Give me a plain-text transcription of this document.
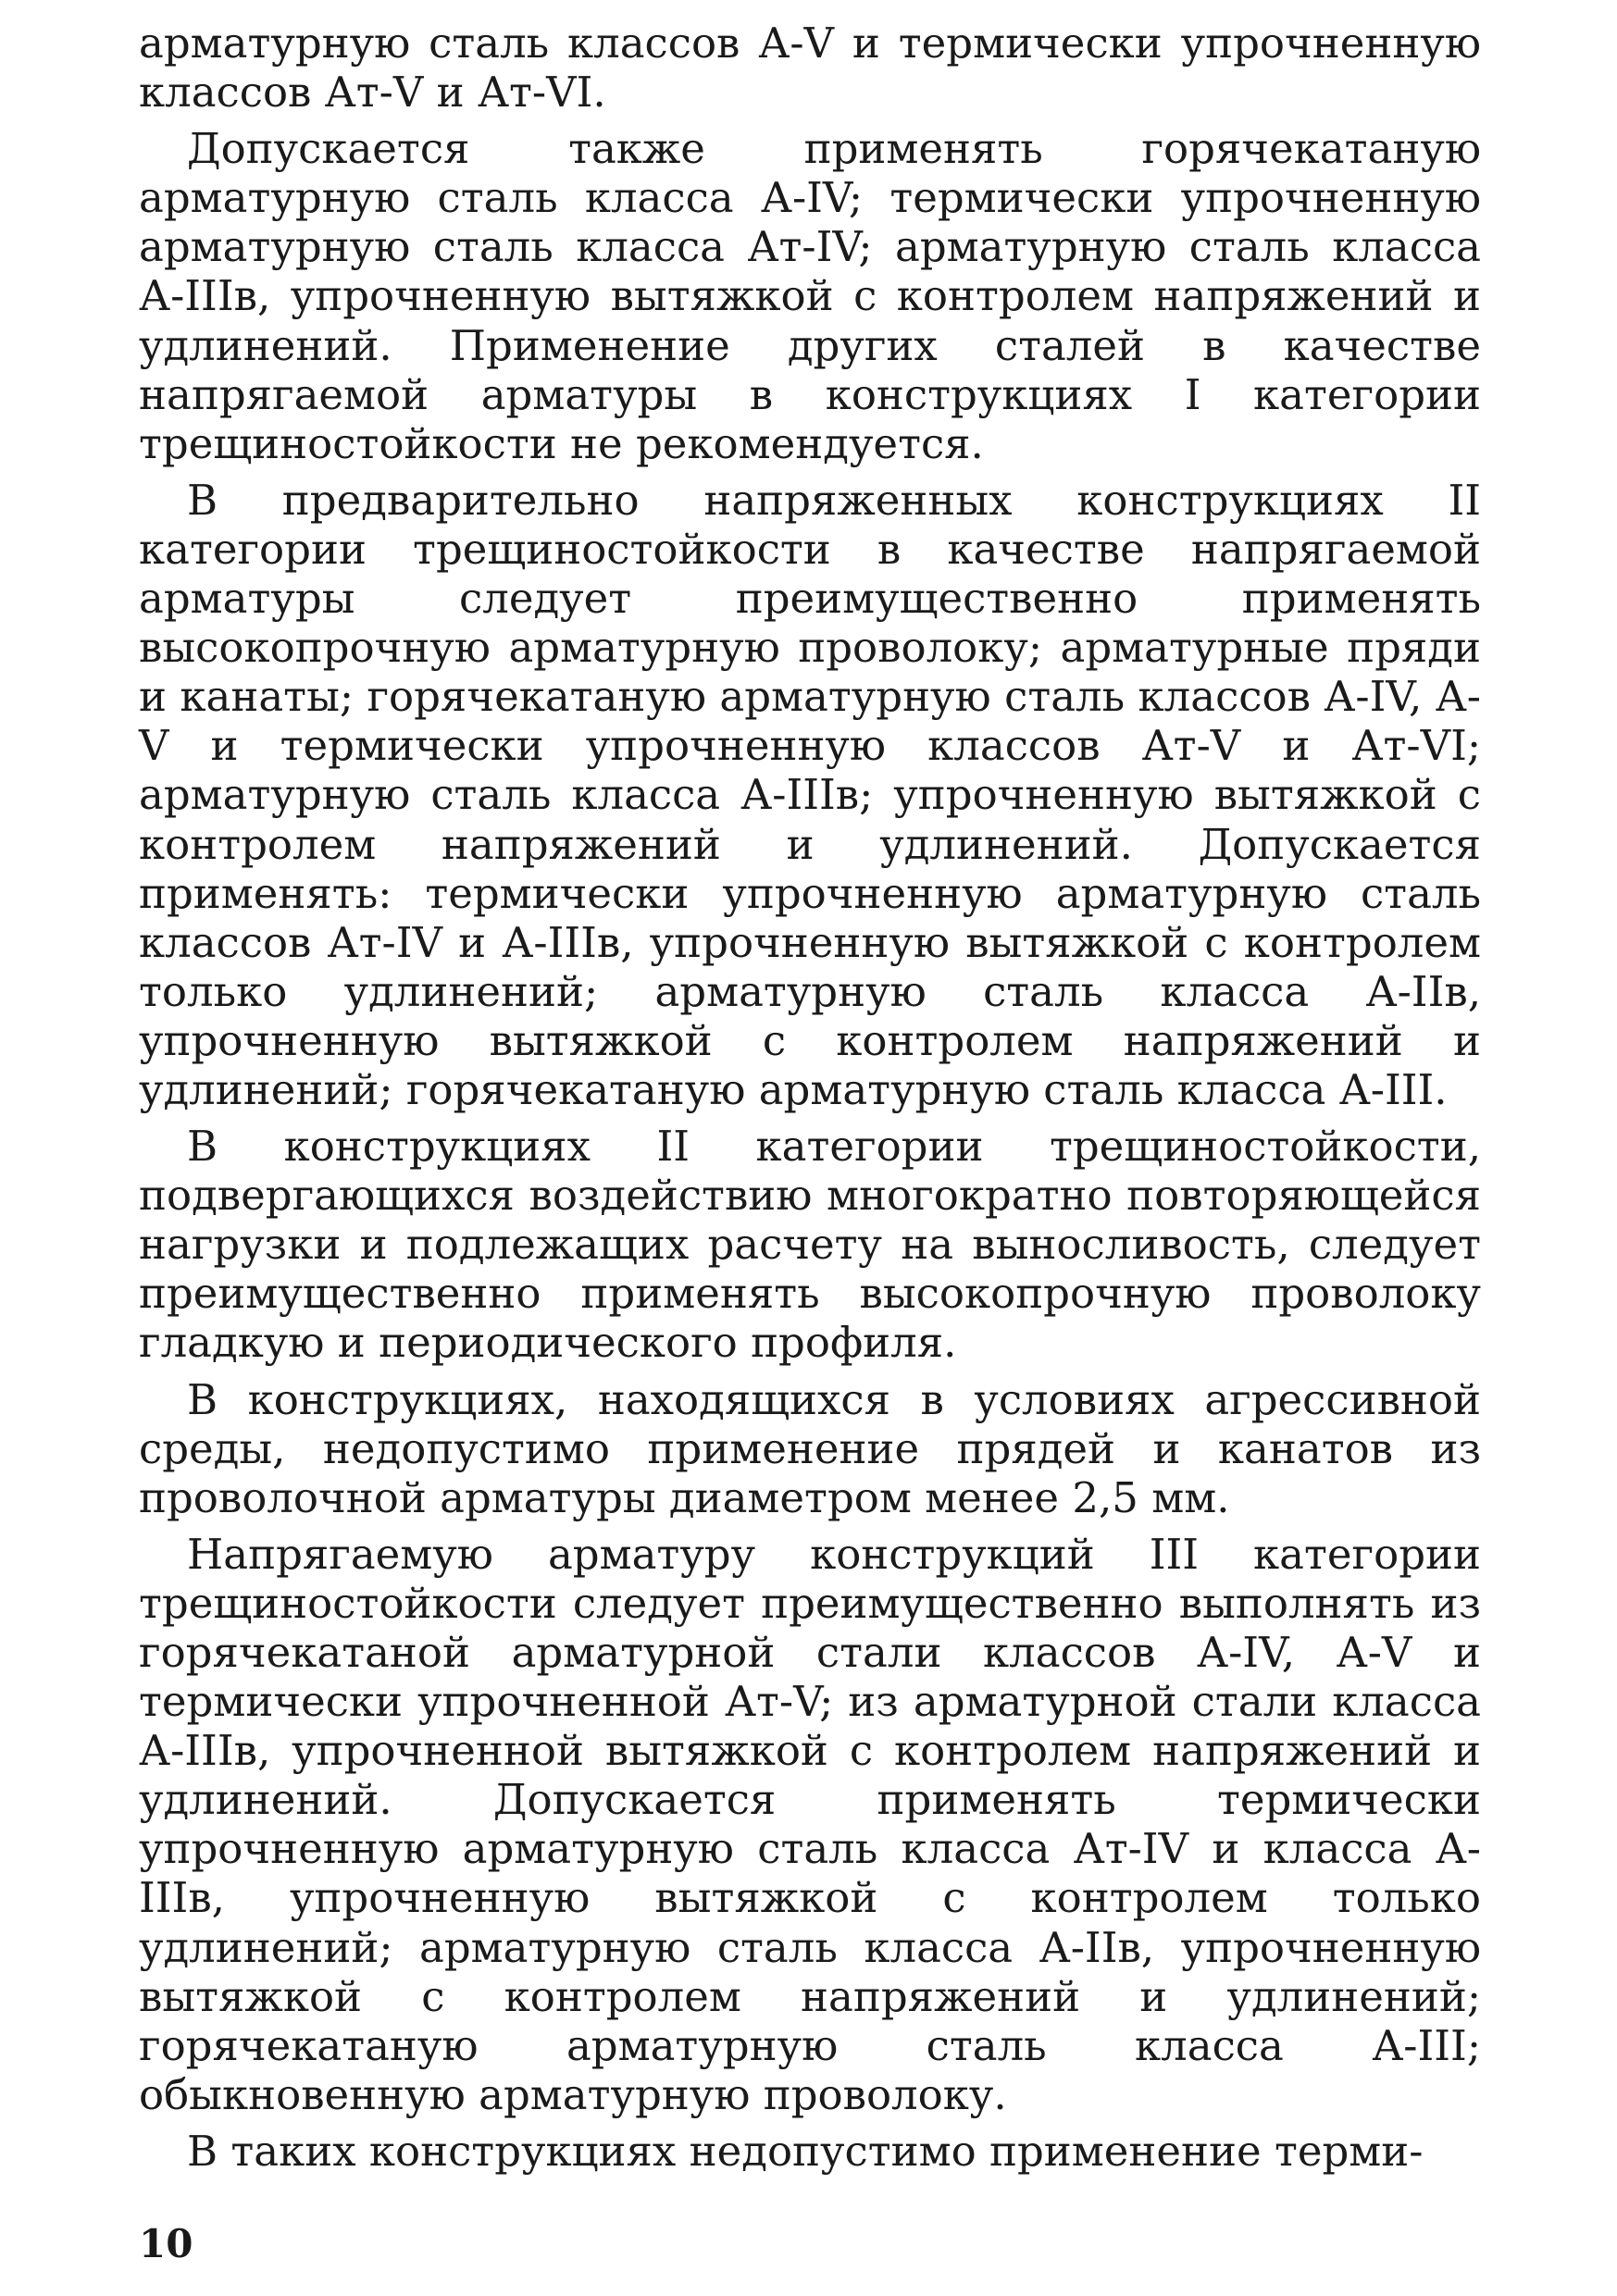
арматурную сталь классов А-V и термически упрочненную классов Ат-V и Ат-VI.

Допускается также применять горячекатаную арматурную сталь класса А-IV; термически упрочненную арматурную сталь класса Ат-IV; арматурную сталь класса А-IIIв, упрочненную вытяжкой с контролем напряжений и удлинений. Применение других сталей в качестве напрягаемой арматуры в конструкциях I категории трещиностойкости не рекомендуется.

В предварительно напряженных конструкциях II категории трещиностойкости в качестве напрягаемой арматуры следует преимущественно применять высокопрочную арматурную проволоку; арматурные пряди и канаты; горячекатаную арматурную сталь классов А-IV, А-V и термически упрочненную классов Ат-V и Ат-VI; арматурную сталь класса А-IIIв; упрочненную вытяжкой с контролем напряжений и удлинений. Допускается применять: термически упрочненную арматурную сталь классов Ат-IV и А-IIIв, упрочненную вытяжкой с контролем только удлинений; арматурную сталь класса А-IIв, упрочненную вытяжкой с контролем напряжений и удлинений; горячекатаную арматурную сталь класса А-III.

В конструкциях II категории трещиностойкости, подвергающихся воздействию многократно повторяющейся нагрузки и подлежащих расчету на выносливость, следует преимущественно применять высокопрочную проволоку гладкую и периодического профиля.

В конструкциях, находящихся в условиях агрессивной среды, недопустимо применение прядей и канатов из проволочной арматуры диаметром менее 2,5 мм.

Напрягаемую арматуру конструкций III категории трещиностойкости следует преимущественно выполнять из горячекатаной арматурной стали классов А-IV, А-V и термически упрочненной Ат-V; из арматурной стали класса А-IIIв, упрочненной вытяжкой с контролем напряжений и удлинений. Допускается применять термически упрочненную арматурную сталь класса Ат-IV и класса А-IIIв, упрочненную вытяжкой с контролем только удлинений; арматурную сталь класса А-IIв, упрочненную вытяжкой с контролем напряжений и удлинений; горячекатаную арматурную сталь класса А-III; обыкновенную арматурную проволоку.

В таких конструкциях недопустимо применение терми-

10
